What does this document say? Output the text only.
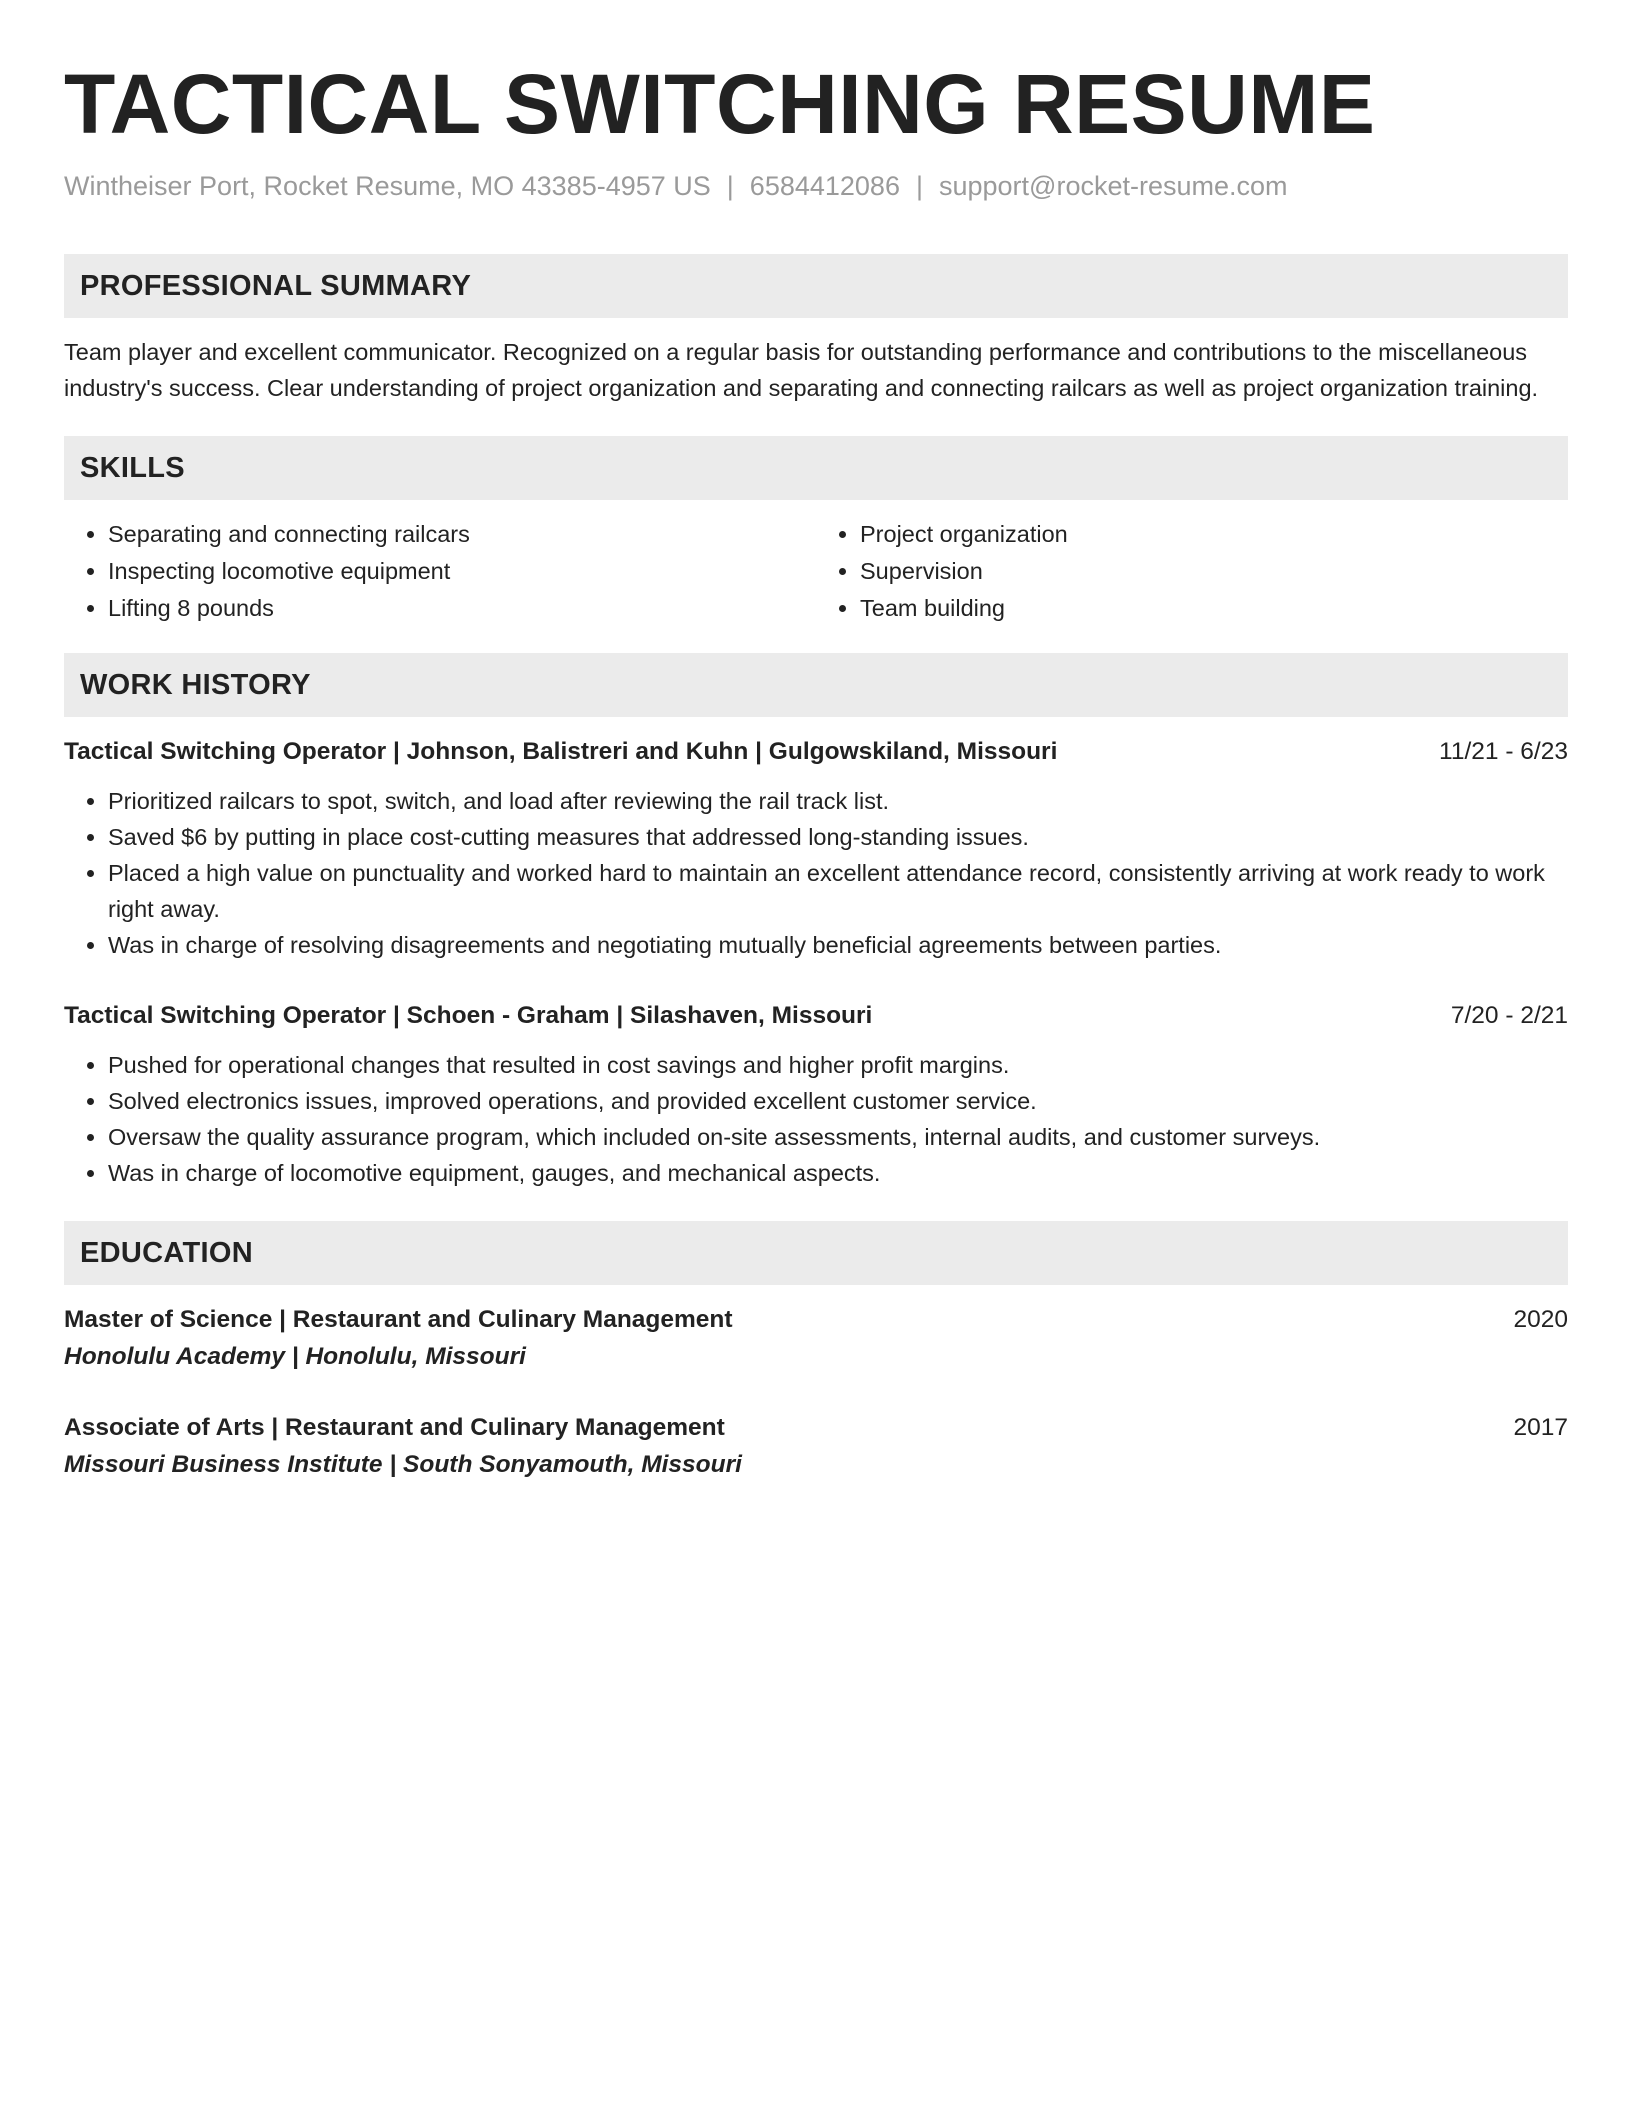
TACTICAL SWITCHING RESUME
Wintheiser Port, Rocket Resume, MO 43385-4957 US | 6584412086 | support@rocket-resume.com
PROFESSIONAL SUMMARY
Team player and excellent communicator. Recognized on a regular basis for outstanding performance and contributions to the miscellaneous industry's success. Clear understanding of project organization and separating and connecting railcars as well as project organization training.
SKILLS
• Separating and connecting railcars
• Inspecting locomotive equipment
• Lifting 8 pounds
• Project organization
• Supervision
• Team building
WORK HISTORY
Tactical Switching Operator | Johnson, Balistreri and Kuhn | Gulgowskiland, Missouri	11/21 - 6/23
• Prioritized railcars to spot, switch, and load after reviewing the rail track list.
• Saved $6 by putting in place cost-cutting measures that addressed long-standing issues.
• Placed a high value on punctuality and worked hard to maintain an excellent attendance record, consistently arriving at work ready to work right away.
• Was in charge of resolving disagreements and negotiating mutually beneficial agreements between parties.
Tactical Switching Operator | Schoen - Graham | Silashaven, Missouri	7/20 - 2/21
• Pushed for operational changes that resulted in cost savings and higher profit margins.
• Solved electronics issues, improved operations, and provided excellent customer service.
• Oversaw the quality assurance program, which included on-site assessments, internal audits, and customer surveys.
• Was in charge of locomotive equipment, gauges, and mechanical aspects.
EDUCATION
Master of Science | Restaurant and Culinary Management	2020
Honolulu Academy | Honolulu, Missouri
Associate of Arts | Restaurant and Culinary Management	2017
Missouri Business Institute | South Sonyamouth, Missouri
